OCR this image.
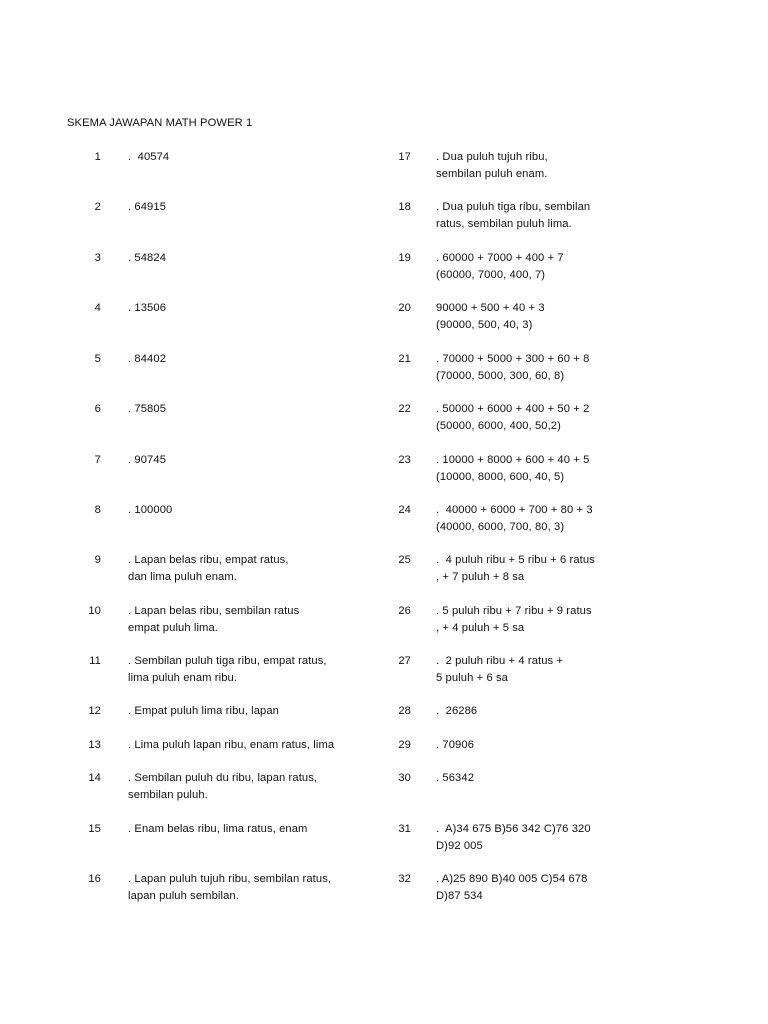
SKEMA JAWAPAN MATH POWER 1
1 .  40574
2 . 64915
3 . 54824
4 . 13506
5 . 84402
6 . 75805
7 . 90745
8 . 100000
9 . Lapan belas ribu, empat ratus,
dan lima puluh enam.
10 . Lapan belas ribu, sembilan ratus
empat puluh lima.
11 . Sembilan puluh tiga ribu, empat ratus,
lima puluh enam ribu.
12 . Empat puluh lima ribu, lapan
13 . Lima puluh lapan ribu, enam ratus, lima
14 . Sembilan puluh du ribu, lapan ratus,
sembilan puluh.
15 . Enam belas ribu, lima ratus, enam
16 . Lapan puluh tujuh ribu, sembilan ratus,
lapan puluh sembilan.
17 . Dua puluh tujuh ribu,
sembilan puluh enam.
18 . Dua puluh tiga ribu, sembilan
ratus, sembilan puluh lima.
19 . 60000 + 7000 + 400 + 7
(60000, 7000, 400, 7)
20 90000 + 500 + 40 + 3
(90000, 500, 40, 3)
21 . 70000 + 5000 + 300 + 60 + 8
(70000, 5000, 300, 60, 8)
22 . 50000 + 6000 + 400 + 50 + 2
(50000, 6000, 400, 50,2)
23 . 10000 + 8000 + 600 + 40 + 5
(10000, 8000, 600, 40, 5)
24 .  40000 + 6000 + 700 + 80 + 3
(40000, 6000, 700, 80, 3)
25 .  4 puluh ribu + 5 ribu + 6 ratus
, + 7 puluh + 8 sa
26 . 5 puluh ribu + 7 ribu + 9 ratus
, + 4 puluh + 5 sa
27 .  2 puluh ribu + 4 ratus +
5 puluh + 6 sa
28 .  26286
29 . 70906
30 . 56342
31 .  A)34 675 B)56 342 C)76 320
D)92 005
32 . A)25 890 B)40 005 C)54 678
D)87 534
